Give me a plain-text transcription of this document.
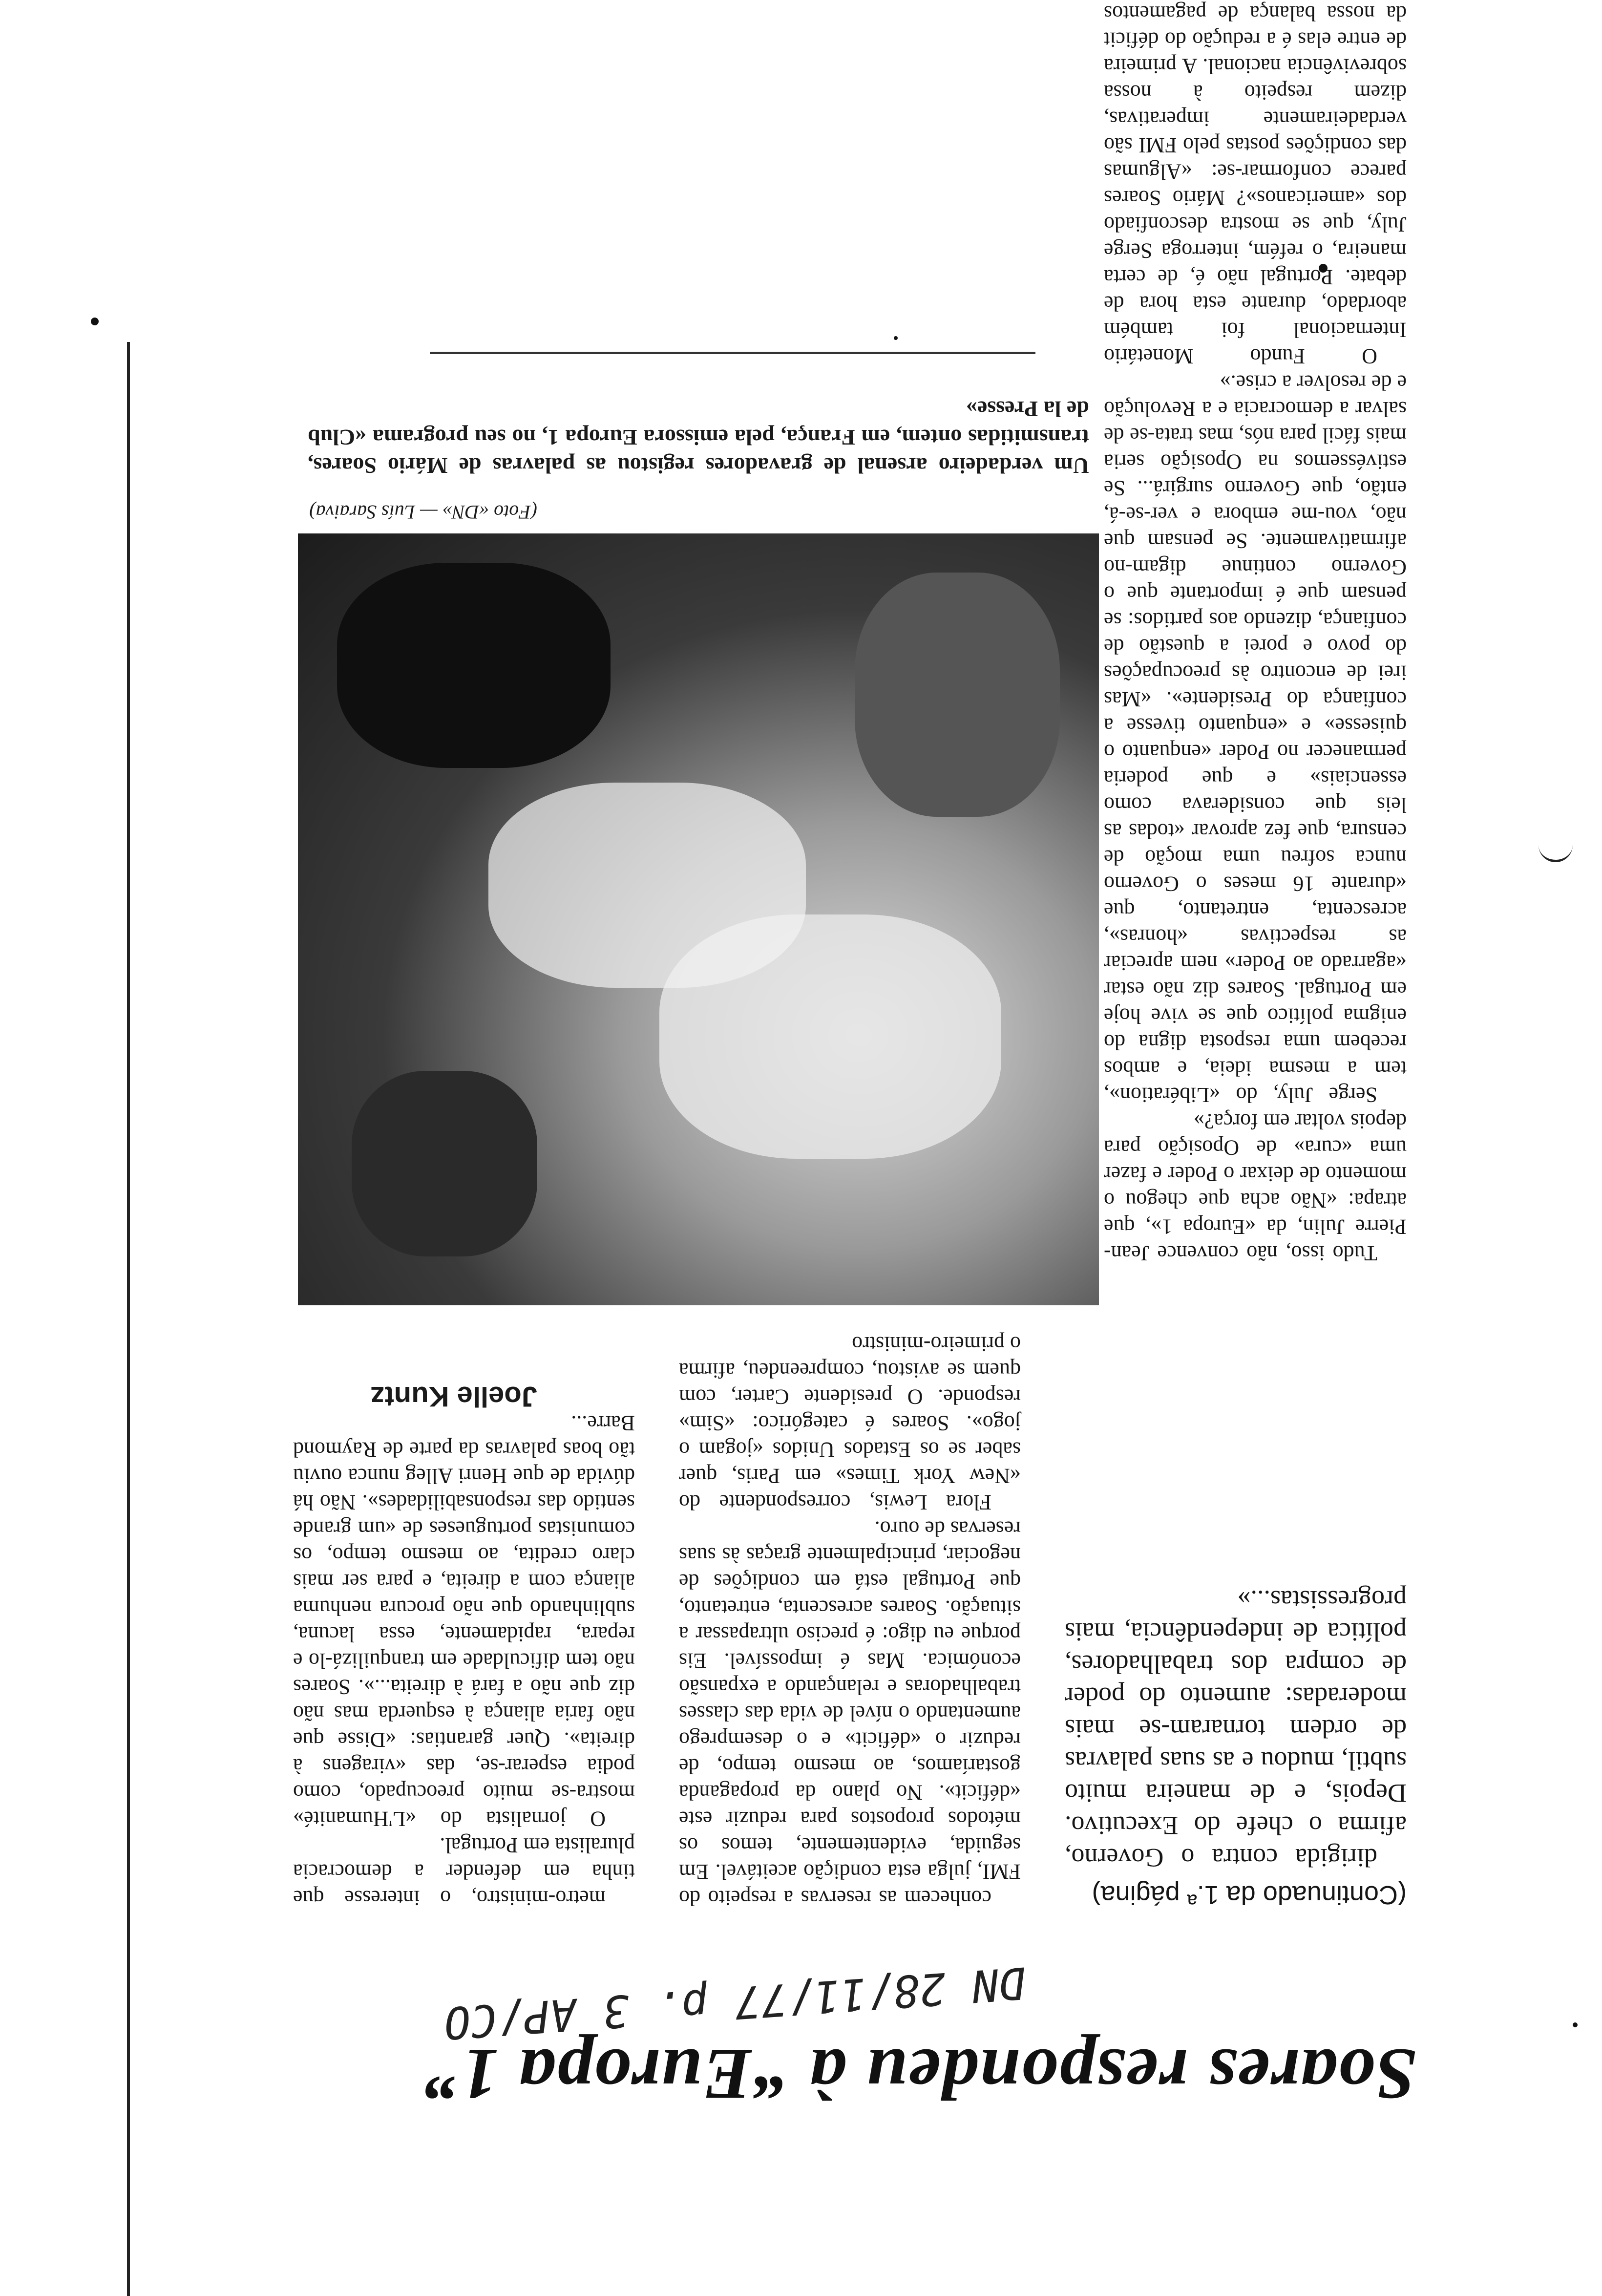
Soares respondeu à “Europa 1”
DN 28/11/77 p. 3 AP/CO

(Continuado da 1.ª página)

dirigida contra o Governo, afirma o chefe do Executivo. Depois, e de maneira muito subtil, mudou e as suas palavras de ordem tornaram-se mais moderadas: aumento do poder de compra dos trabalhadores, política de independência, mais progressistas...»

conhecem as reservas a respeito do FMI, julga esta condição aceitável. Em seguida, evidentemente, temos os métodos propostos para reduzir este «déficit». No plano da propaganda gostaríamos, ao mesmo tempo, de reduzir o «déficit» e o desemprego aumentando o nível de vida das classes trabalhadoras e relançando a expansão económica. Mas é impossível. Eis porque eu digo: é preciso ultrapassar a situação. Soares acrescenta, entretanto, que Portugal está em condições de negociar, principalmente graças às suas reservas de ouro.

Flora Lewis, correspondente do «New York Times» em Paris, quer saber se os Estados Unidos «jogam o jogo». Soares é categórico: «Sim» responde. O presidente Carter, com quem se avistou, compreendeu, afirma o primeiro-ministro

metro-ministro, o interesse que tinha em defender a democracia pluralista em Portugal.

O jornalista do «L'Humanité» mostra-se muito preocupado, como podia esperar-se, das «viragens à direita». Quer garantias: «Disse que não faria aliança à esquerda mas não diz que não a fará à direita...». Soares não tem dificuldade em tranquilizá-lo e repara, rapidamente, essa lacuna, sublinhando que não procura nenhuma aliança com a direita, e para ser mais claro credita, ao mesmo tempo, os comunistas portugueses de «um grande sentido das responsabilidades». Não há dúvida de que Henri Alleg nunca ouviu tão boas palavras da parte de Raymond Barre...

Joelle Kuntz

Tudo isso, não convence Jean-Pierre Julin, da «Europa 1», que atrapa: «Não acha que chegou o momento de deixar o Poder e fazer uma «cura» de Oposição para depois voltar em força?»

Serge July, do «Libération», tem a mesma ideia, e ambos recebem uma resposta digna do enigma político que se vive hoje em Portugal. Soares diz não estar «agarrado ao Poder» nem apreciar as respectivas «honras», acrescenta, entretanto, que «durante 16 meses o Governo nunca sofreu uma moção de censura, que fez aprovar «todas as leis que considerava como essenciais» e que poderia permanecer no Poder «enquanto o quisesse» e «enquanto tivesse a confiança do Presidente». «Mas irei de encontro às preocupações do povo e porei a questão de confiança, dizendo aos partidos: se pensam que é importante que o Governo continue digam-no afirmativamente. Se pensam que não, vou-me embora e ver-se-á, então, que Governo surgirá... Se estivéssemos na Oposição seria mais fácil para nós, mas trata-se de salvar a democracia e a Revolução e de resolver a crise.»

O Fundo Monetário Internacional foi também abordado, durante esta hora de debate. Portugal não é, de certa maneira, o refém, interroga Serge July, que se mostra desconfiado dos «americanos»? Mário Soares parece conformar-se: «Algumas das condições postas pelo FMI são verdadeiramente imperativas, dizem respeito à nossa sobrevivência nacional. A primeira de entre elas é a redução do déficit da nossa balança de pagamentos

(Foto «DN» — Luís Saraiva)
Um verdadeiro arsenal de gravadores registou as palavras de Mário Soares, transmitidas ontem, em França, pela emissora Europa 1, no seu programa «Club de la Presse»
